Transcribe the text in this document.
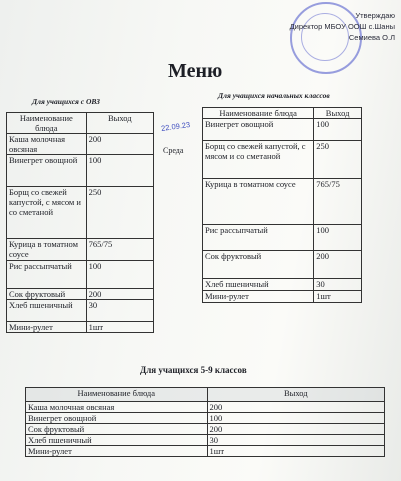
Утверждаю
Директор МБОУ ООШ с.Шаны
Семиева О.Л
Меню
Для учащихся с ОВЗ
Для учащихся начальных классов
Наименование блюда	Выход
Каша молочная овсяная	200
Винегрет овощной	100
Борщ со свежей капустой, с мясом и со сметаной	250
Курица в томатном соусе	765/75
Рис рассыпчатый	100
Сок фруктовый	200
Хлеб пшеничный	30
Мини-рулет	1шт
22.09.23
Среда
Наименование блюда	Выход
Винегрет овощной	100
Борщ со свежей капустой, с мясом и со сметаной	250
Курица в томатном соусе	765/75
Рис рассыпчатый	100
Сок фруктовый	200
Хлеб пшеничный	30
Мини-рулет	1шт
Для учащихся 5-9 классов
Наименование блюда	Выход
Каша молочная овсяная	200
Винегрет овощной	100
Сок фруктовый	200
Хлеб пшеничный	30
Мини-рулет	1шт
